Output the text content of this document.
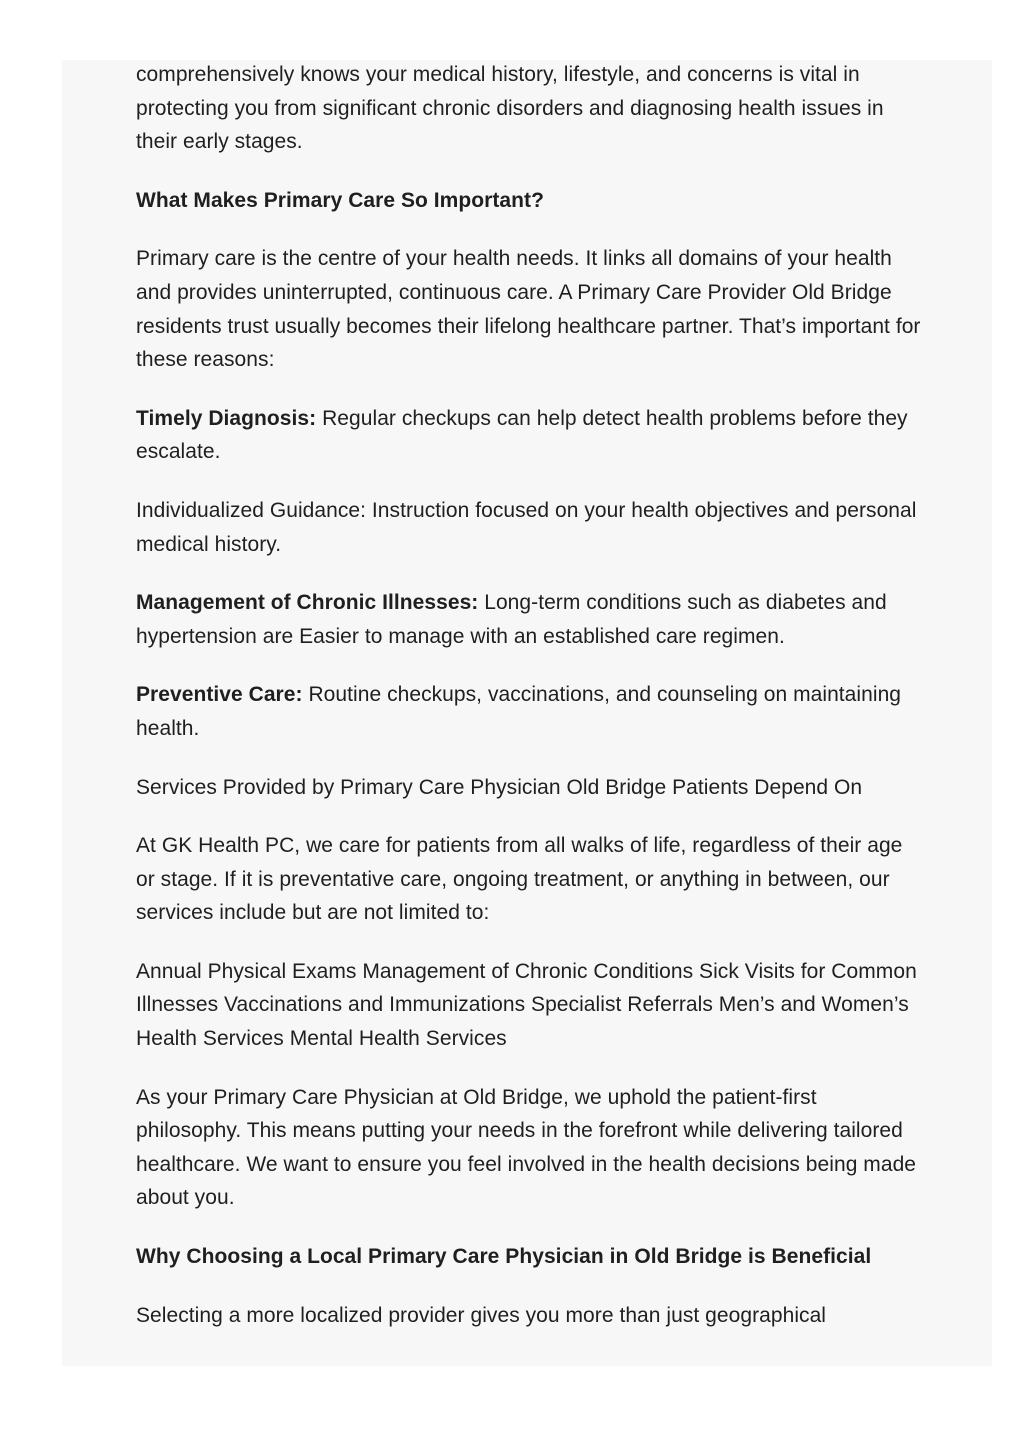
comprehensively knows your medical history, lifestyle, and concerns is vital in protecting you from significant chronic disorders and diagnosing health issues in their early stages.

What Makes Primary Care So Important?

Primary care is the centre of your health needs. It links all domains of your health and provides uninterrupted, continuous care. A Primary Care Provider Old Bridge residents trust usually becomes their lifelong healthcare partner. That’s important for these reasons:

Timely Diagnosis: Regular checkups can help detect health problems before they escalate.

Individualized Guidance: Instruction focused on your health objectives and personal medical history.

Management of Chronic Illnesses: Long-term conditions such as diabetes and hypertension are Easier to manage with an established care regimen.

Preventive Care: Routine checkups, vaccinations, and counseling on maintaining health.

Services Provided by Primary Care Physician Old Bridge Patients Depend On

At GK Health PC, we care for patients from all walks of life, regardless of their age or stage. If it is preventative care, ongoing treatment, or anything in between, our services include but are not limited to:

Annual Physical Exams Management of Chronic Conditions Sick Visits for Common Illnesses Vaccinations and Immunizations Specialist Referrals Men’s and Women’s Health Services Mental Health Services

As your Primary Care Physician at Old Bridge, we uphold the patient-first philosophy. This means putting your needs in the forefront while delivering tailored healthcare. We want to ensure you feel involved in the health decisions being made about you.

Why Choosing a Local Primary Care Physician in Old Bridge is Beneficial

Selecting a more localized provider gives you more than just geographical
